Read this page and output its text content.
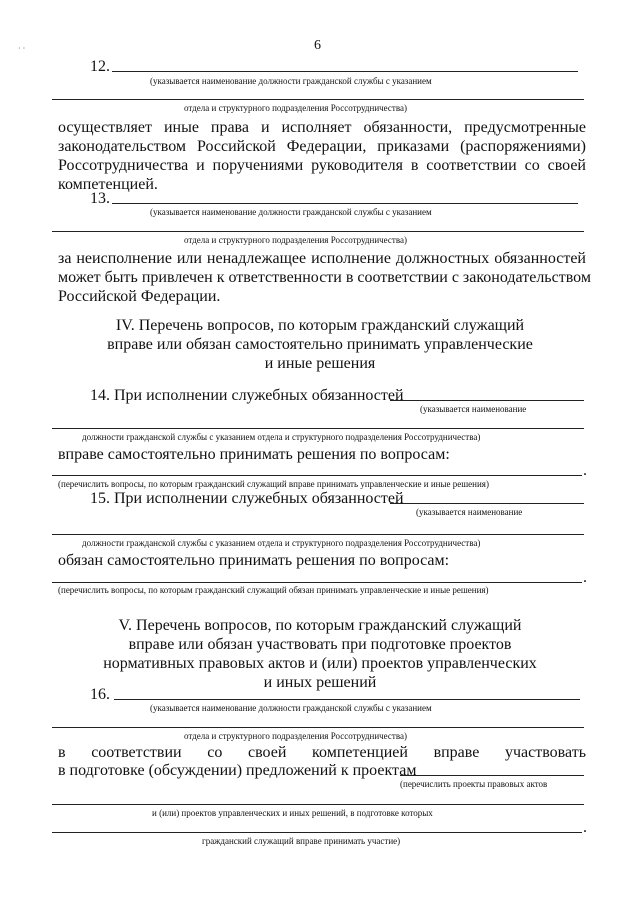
· ·	6
12.
(указывается наименование должности гражданской службы с указанием
отдела и структурного подразделения Россотрудничества)
осуществляет иные права и исполняет обязанности, предусмотренные
законодательством Российской Федерации, приказами (распоряжениями)
Россотрудничества и поручениями руководителя в соответствии со своей
компетенцией.
13.
(указывается наименование должности гражданской службы с указанием
отдела и структурного подразделения Россотрудничества)
за неисполнение или ненадлежащее исполнение должностных обязанностей
может быть привлечен к ответственности в соответствии с законодательством
Российской Федерации.
IV. Перечень вопросов, по которым гражданский служащий
вправе или обязан самостоятельно принимать управленческие
и иные решения
14. При исполнении служебных обязанностей
(указывается наименование
должности гражданской службы с указанием отдела и структурного подразделения Россотрудничества)
вправе самостоятельно принимать решения по вопросам:
.
(перечислить вопросы, по которым гражданский служащий вправе принимать управленческие и иные решения)
15. При исполнении служебных обязанностей
(указывается наименование
должности гражданской службы с указанием отдела и структурного подразделения Россотрудничества)
обязан самостоятельно принимать решения по вопросам:
.
(перечислить вопросы, по которым гражданский служащий обязан принимать управленческие и иные решения)
V. Перечень вопросов, по которым гражданский служащий
вправе или обязан участвовать при подготовке проектов
нормативных правовых актов и (или) проектов управленческих
и иных решений
16.
(указывается наименование должности гражданской службы с указанием
отдела и структурного подразделения Россотрудничества)
в соответствии со своей компетенцией вправе участвовать
в подготовке (обсуждении) предложений к проектам
(перечислить проекты правовых актов
и (или) проектов управленческих и иных решений, в подготовке которых
.
гражданский служащий вправе принимать участие)
